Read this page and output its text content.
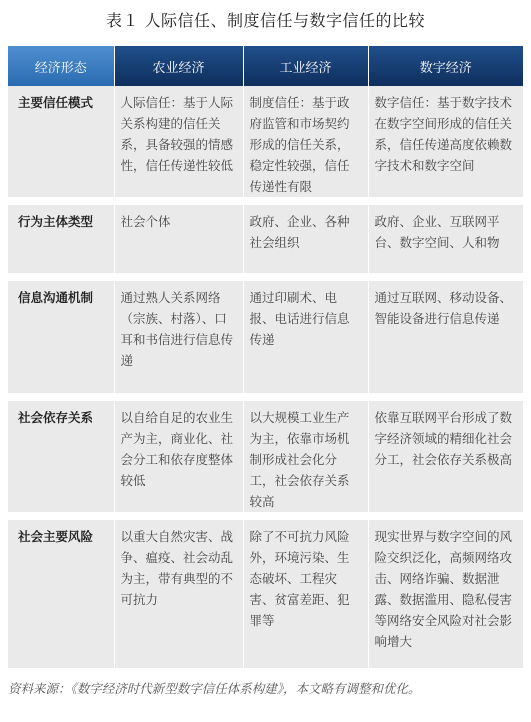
表１ 人际信任、制度信任与数字信任的比较
经济形态	农业经济	工业经济	数字经济
主要信任模式	人际信任：基于人际关系构建的信任关系，具备较强的情感性，信任传递性较低	制度信任：基于政府监管和市场契约形成的信任关系，稳定性较强，信任传递性有限	数字信任：基于数字技术在数字空间形成的信任关系，信任传递高度依赖数字技术和数字空间
行为主体类型	社会个体	政府、企业、各种社会组织	政府、企业、互联网平台、数字空间、人和物
信息沟通机制	通过熟人关系网络（宗族、村落）、口耳和书信进行信息传递	通过印刷术、电报、电话进行信息传递	通过互联网、移动设备、智能设备进行信息传递
社会依存关系	以自给自足的农业生产为主，商业化、社会分工和依存度整体较低	以大规模工业生产为主，依靠市场机制形成社会化分工，社会依存关系较高	依靠互联网平台形成了数字经济领域的精细化社会分工，社会依存关系极高
社会主要风险	以重大自然灾害、战争、瘟疫、社会动乱为主，带有典型的不可抗力	除了不可抗力风险外，环境污染、生态破坏、工程灾害、贫富差距、犯罪等	现实世界与数字空间的风险交织泛化，高频网络攻击、网络诈骗、数据泄露、数据滥用、隐私侵害等网络安全风险对社会影响增大
资料来源：《数字经济时代新型数字信任体系构建》，本文略有调整和优化。
